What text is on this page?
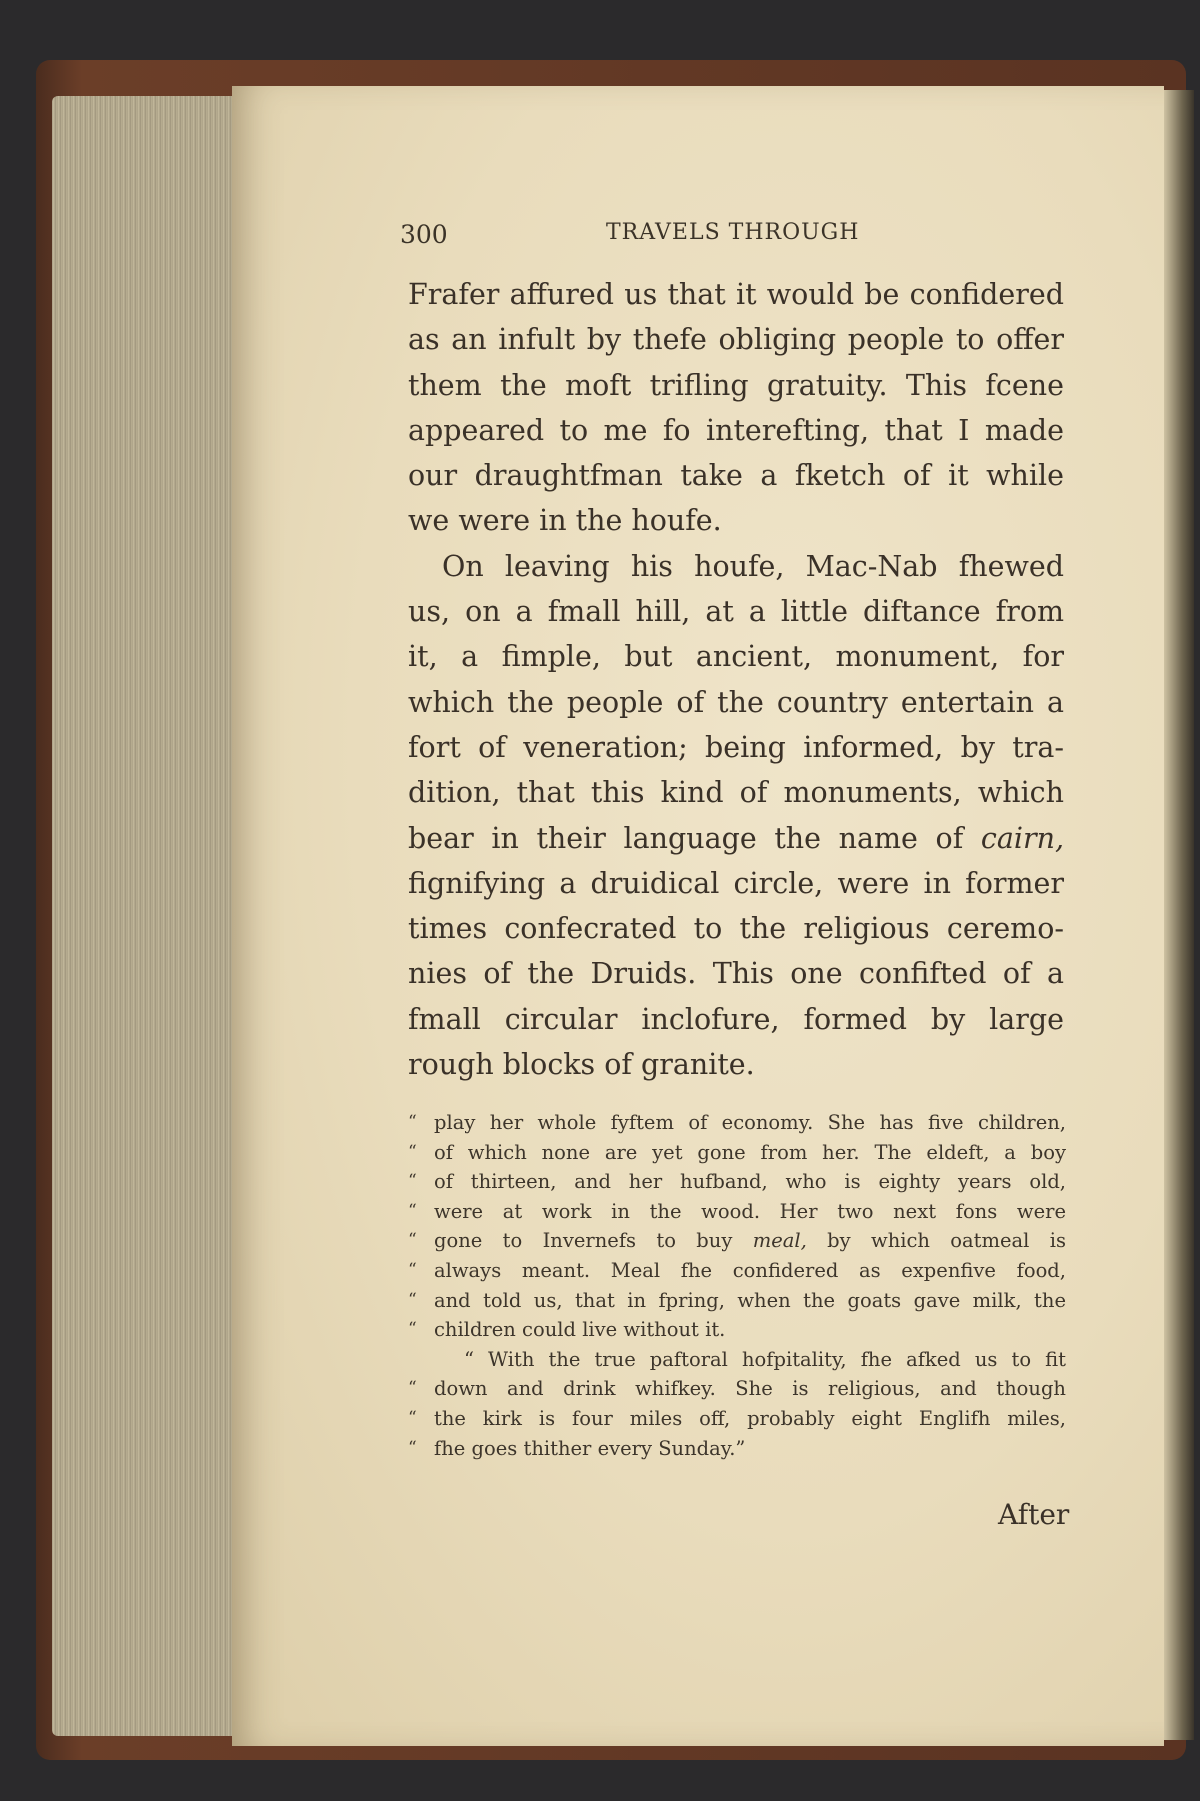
300	TRAVELS THROUGH
Frafer affured us that it would be confidered
as an infult by thefe obliging people to offer
them the moft trifling gratuity. This fcene
appeared to me fo interefting, that I made
our draughtfman take a fketch of it while
we were in the houfe.
On leaving his houfe, Mac-Nab fhewed
us, on a fmall hill, at a little diftance from
it, a fimple, but ancient, monument, for
which the people of the country entertain a
fort of veneration; being informed, by tra-
dition, that this kind of monuments, which
bear in their language the name of cairn,
fignifying a druidical circle, were in former
times confecrated to the religious ceremo-
nies of the Druids. This one confifted of a
fmall circular inclofure, formed by large
rough blocks of granite.
“ play her whole fyftem of economy. She has five children,
“ of which none are yet gone from her. The eldeft, a boy
“ of thirteen, and her hufband, who is eighty years old,
“ were at work in the wood. Her two next fons were
“ gone to Invernefs to buy meal, by which oatmeal is
“ always meant. Meal fhe confidered as expenfive food,
“ and told us, that in fpring, when the goats gave milk, the
“ children could live without it.
“ With the true paftoral hofpitality, fhe afked us to fit
“ down and drink whifkey. She is religious, and though
“ the kirk is four miles off, probably eight Englifh miles,
“ fhe goes thither every Sunday.”
After
